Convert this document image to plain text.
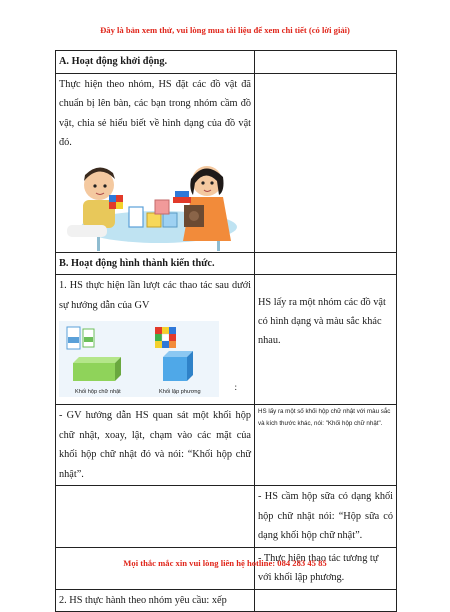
Đây là bản xem thử, vui lòng mua tài liệu để xem chi tiết (có lời giải)
A. Hoạt động khởi động.	

Thực hiện theo nhóm, HS đặt các đồ vật đã chuẩn bị lên bàn, các bạn trong nhóm cầm đồ vật, chia sẻ hiểu biết về hình dạng của đồ vật đó.	

B. Hoạt động hình thành kiến thức.	

1. HS thực hiện lần lượt các thao tác sau dưới sự hướng dẫn của GV
Khối hộp chữ nhật Khối lập phương
:	HS lấy ra một nhóm các đồ vật có hình dạng và màu sắc khác nhau.

- GV hướng dẫn HS quan sát một khối hộp chữ nhật, xoay, lật, chạm vào các mặt của khối hộp chữ nhật đó và nói: “Khối hộp chữ nhật”.	HS lấy ra một số khối hộp chữ nhật với màu sắc và kích thước khác, nói: "Khối hộp chữ nhật".

	- HS cầm hộp sữa có dạng khối hộp chữ nhật nói: “Hộp sữa có dạng khối hộp chữ nhật”.

	- Thực hiện thao tác tương tự với khối lập phương.

2. HS thực hành theo nhóm yêu cầu: xếp	

Mọi thắc mắc xin vui lòng liên hệ hotline: 084 283 45 85
